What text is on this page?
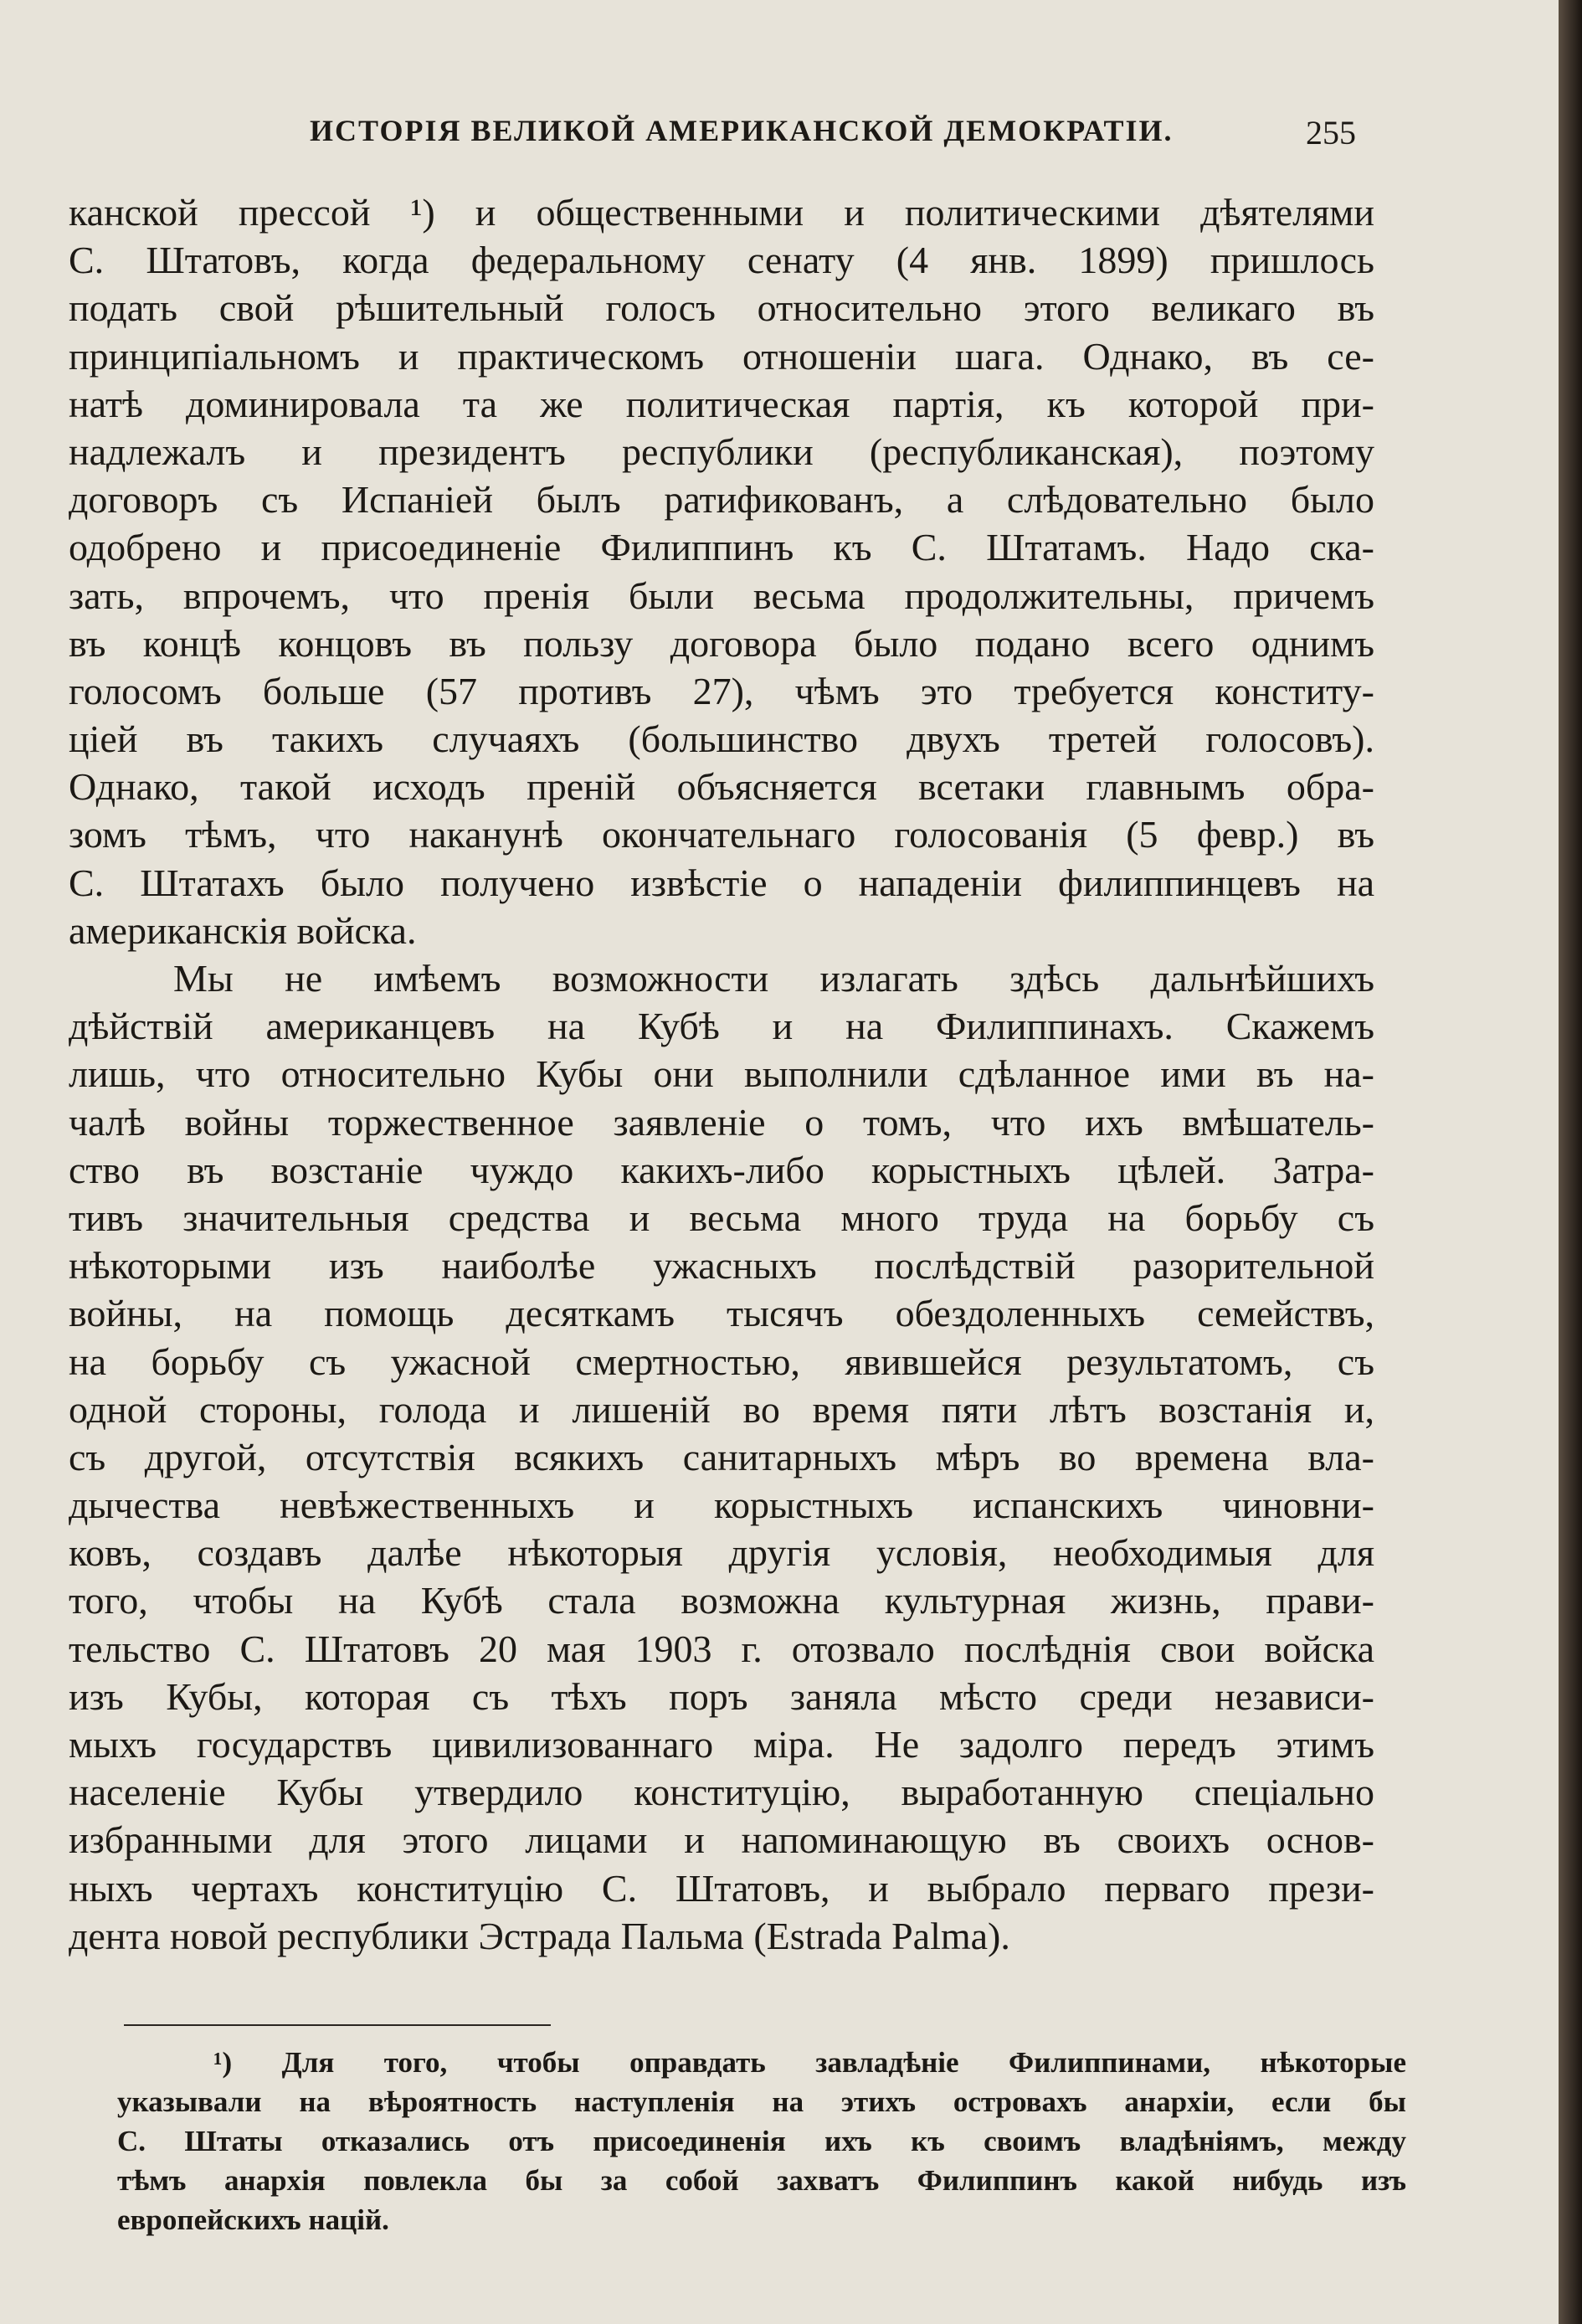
ИСТОРІЯ ВЕЛИКОЙ АМЕРИКАНСКОЙ ДЕМОКРАТІИ.	255
канской прессой ¹) и общественными и политическими дѣятелями
С. Штатовъ, когда федеральному сенату (4 янв. 1899) пришлось
подать свой рѣшительный голосъ относительно этого великаго въ
принципіальномъ и практическомъ отношеніи шага. Однако, въ се-
натѣ доминировала та же политическая партія, къ которой при-
надлежалъ и президентъ республики (республиканская), поэтому
договоръ съ Испаніей былъ ратификованъ, а слѣдовательно было
одобрено и присоединеніе Филиппинъ къ С. Штатамъ. Надо ска-
зать, впрочемъ, что пренія были весьма продолжительны, причемъ
въ концѣ концовъ въ пользу договора было подано всего однимъ
голосомъ больше (57 противъ 27), чѣмъ это требуется конститу-
ціей въ такихъ случаяхъ (большинство двухъ третей голосовъ).
Однако, такой исходъ преній объясняется всетаки главнымъ обра-
зомъ тѣмъ, что наканунѣ окончательнаго голосованія (5 февр.) въ
С. Штатахъ было получено извѣстіе о нападеніи филиппинцевъ на
американскія войска.
Мы не имѣемъ возможности излагать здѣсь дальнѣйшихъ
дѣйствій американцевъ на Кубѣ и на Филиппинахъ. Скажемъ
лишь, что относительно Кубы они выполнили сдѣланное ими въ на-
чалѣ войны торжественное заявленіе о томъ, что ихъ вмѣшатель-
ство въ возстаніе чуждо какихъ-либо корыстныхъ цѣлей. Затра-
тивъ значительныя средства и весьма много труда на борьбу съ
нѣкоторыми изъ наиболѣе ужасныхъ послѣдствій разорительной
войны, на помощь десяткамъ тысячъ обездоленныхъ семействъ,
на борьбу съ ужасной смертностью, явившейся результатомъ, съ
одной стороны, голода и лишеній во время пяти лѣтъ возстанія и,
съ другой, отсутствія всякихъ санитарныхъ мѣръ во времена вла-
дычества невѣжественныхъ и корыстныхъ испанскихъ чиновни-
ковъ, создавъ далѣе нѣкоторыя другія условія, необходимыя для
того, чтобы на Кубѣ стала возможна культурная жизнь, прави-
тельство С. Штатовъ 20 мая 1903 г. отозвало послѣднія свои войска
изъ Кубы, которая съ тѣхъ поръ заняла мѣсто среди независи-
мыхъ государствъ цивилизованнаго міра. Не задолго передъ этимъ
населеніе Кубы утвердило конституцію, выработанную спеціально
избранными для этого лицами и напоминающую въ своихъ основ-
ныхъ чертахъ конституцію С. Штатовъ, и выбрало перваго прези-
дента новой республики Эстрада Пальма (Estrada Palma).
¹) Для того, чтобы оправдать завладѣніе Филиппинами, нѣкоторые
указывали на вѣроятность наступленія на этихъ островахъ анархіи, если бы
С. Штаты отказались отъ присоединенія ихъ къ своимъ владѣніямъ, между
тѣмъ анархія повлекла бы за собой захватъ Филиппинъ какой нибудь изъ
европейскихъ націй.
